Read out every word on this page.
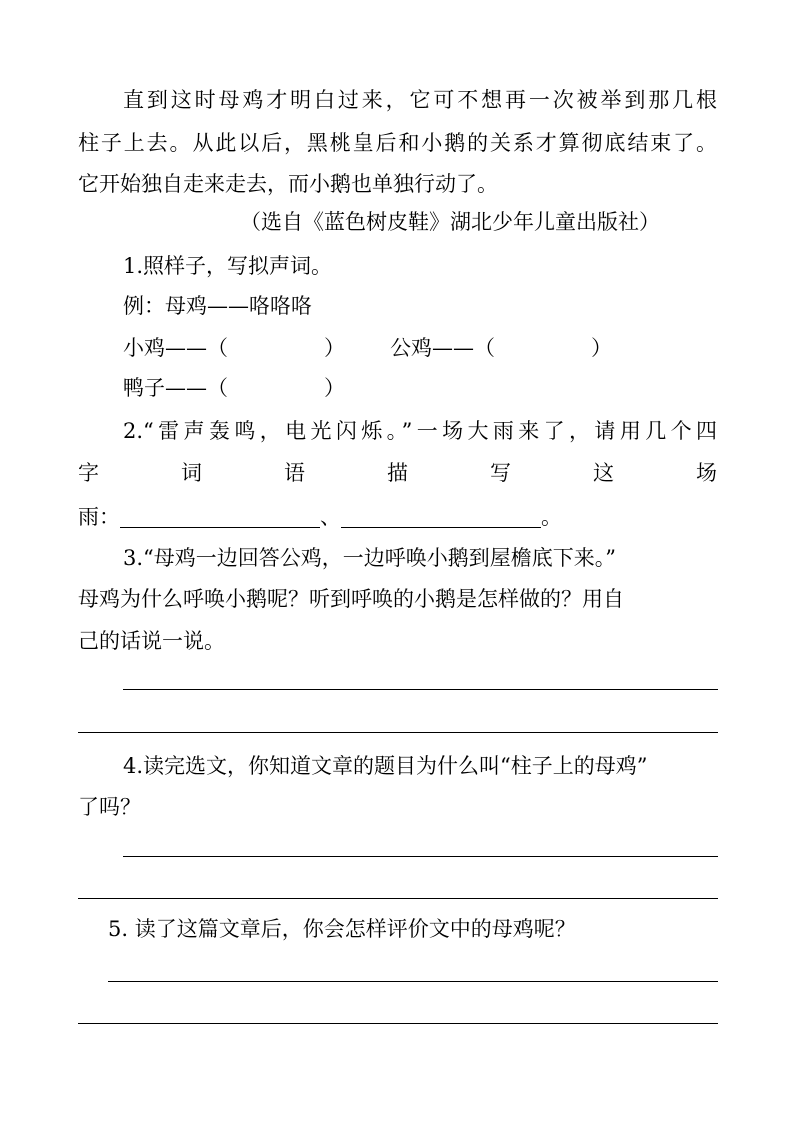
直到这时母鸡才明白过来，它可不想再一次被举到那几根
柱子上去。从此以后，黑桃皇后和小鹅的关系才算彻底结束了。
它开始独自走来走去，而小鹅也单独行动了。
（选自《蓝色树皮鞋》湖北少年儿童出版社）
1.照样子，写拟声词。
例：母鸡——咯咯咯
小鸡——（	） 公鸡——（	）
鸭子——（	）
2.“雷声轰鸣，电光闪烁。”一场大雨来了，请用几个四
字 词 语 描 写 这 场
雨：	、	。
3.“母鸡一边回答公鸡，一边呼唤小鹅到屋檐底下来。”
母鸡为什么呼唤小鹅呢？听到呼唤的小鹅是怎样做的？用自
己的话说一说。
4.读完选文，你知道文章的题目为什么叫“柱子上的母鸡”
了吗？
5. 读了这篇文章后，你会怎样评价文中的母鸡呢？
